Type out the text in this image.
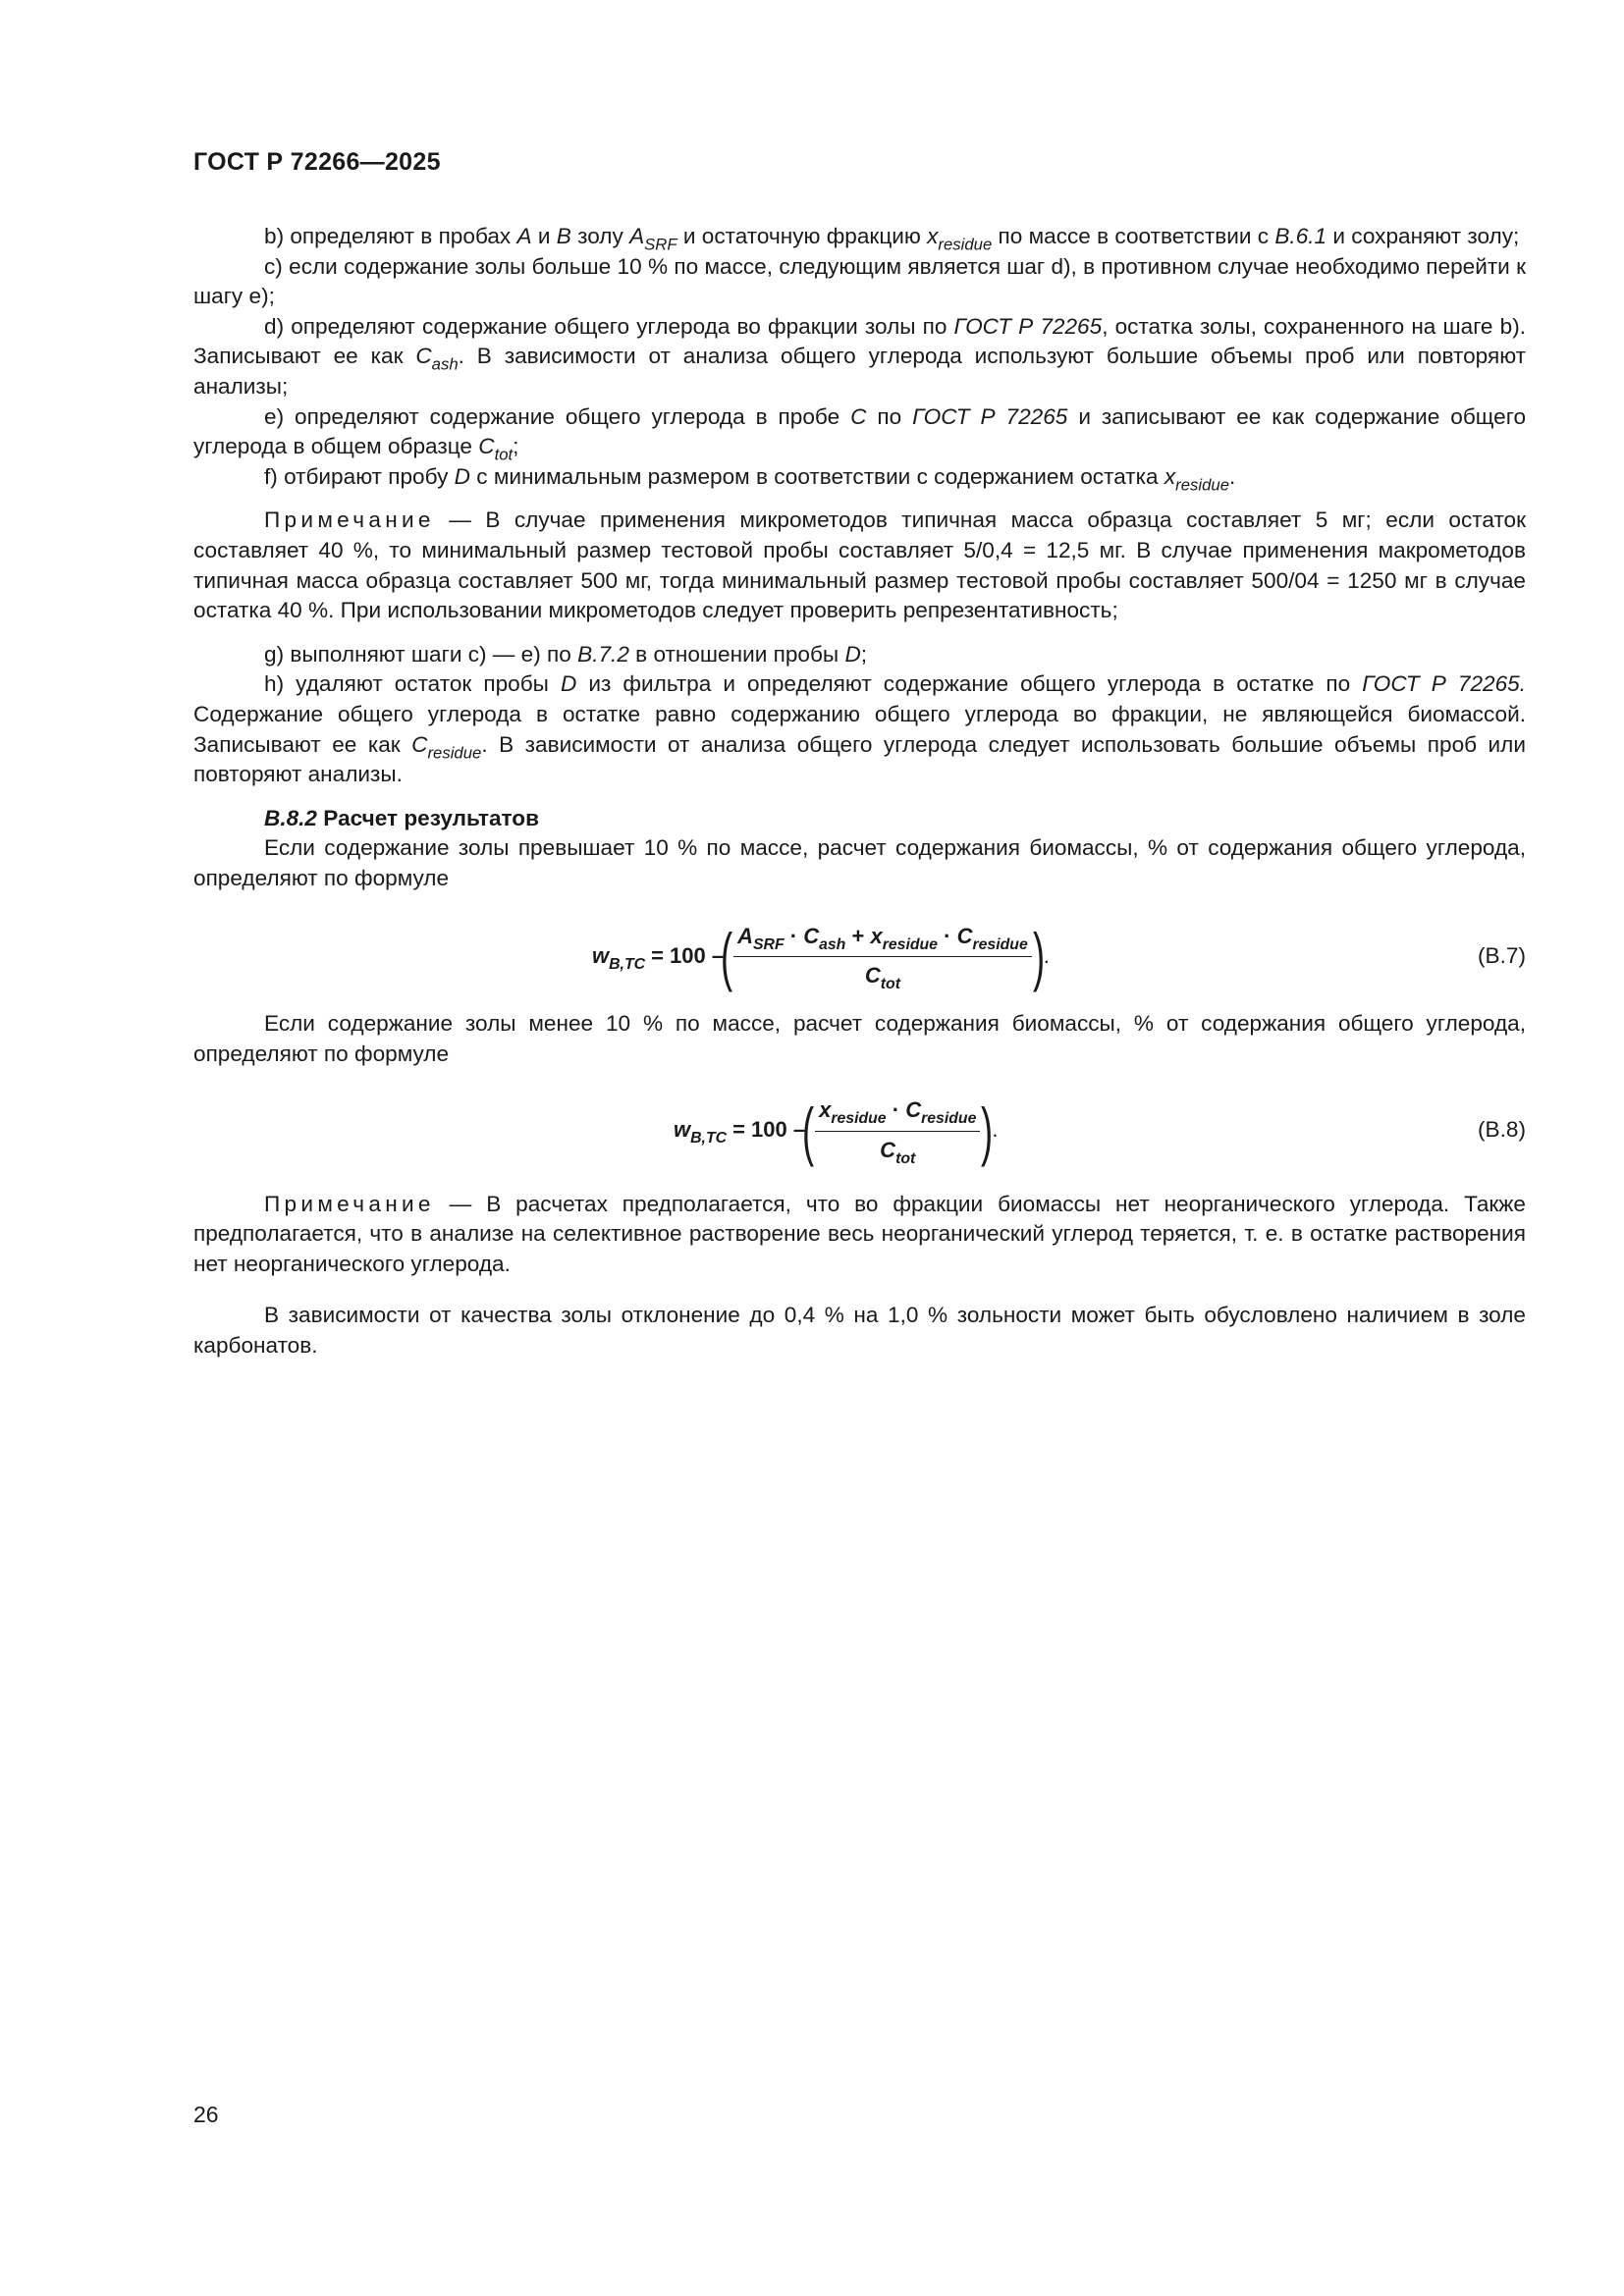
ГОСТ Р 72266—2025

b) определяют в пробах A и B золу $A_{SRF}$ и остаточную фракцию $x_{residue}$ по массе в соответствии с B.6.1 и сохраняют золу;

c) если содержание золы больше 10 % по массе, следующим является шаг d), в противном случае необходимо перейти к шагу e);

d) определяют содержание общего углерода во фракции золы по ГОСТ Р 72265, остатка золы, сохраненного на шаге b). Записывают ее как $C_{ash}$. В зависимости от анализа общего углерода используют большие объемы проб или повторяют анализы;

e) определяют содержание общего углерода в пробе C по ГОСТ Р 72265 и записывают ее как содержание общего углерода в общем образце $C_{tot}$;

f) отбирают пробу D с минимальным размером в соответствии с содержанием остатка $x_{residue}$.

Примечание — В случае применения микрометодов типичная масса образца составляет 5 мг; если остаток составляет 40 %, то минимальный размер тестовой пробы составляет 5/0,4 = 12,5 мг. В случае применения макрометодов типичная масса образца составляет 500 мг, тогда минимальный размер тестовой пробы составляет 500/04 = 1250 мг в случае остатка 40 %. При использовании микрометодов следует проверить репрезентативность;

g) выполняют шаги c) — e) по B.7.2 в отношении пробы D;

h) удаляют остаток пробы D из фильтра и определяют содержание общего углерода в остатке по ГОСТ Р 72265. Содержание общего углерода в остатке равно содержанию общего углерода во фракции, не являющейся биомассой. Записывают ее как $C_{residue}$. В зависимости от анализа общего углерода следует использовать большие объемы проб или повторяют анализы.

B.8.2 Расчет результатов

Если содержание золы превышает 10 % по массе, расчет содержания биомассы, % от содержания общего углерода, определяют по формуле

$w_{B,TC} = 100$ –
( $\frac{A_{SRF} \cdot C_{ash} + x_{residue} \cdot C_{residue}}{C_{tot}}$ )
.	(B.7)

Если содержание золы менее 10 % по массе, расчет содержания биомассы, % от содержания общего углерода, определяют по формуле

$w_{B,TC} = 100$ –
( $\frac{x_{residue} \cdot C_{residue}}{C_{tot}}$ )
.	(B.8)

Примечание — В расчетах предполагается, что во фракции биомассы нет неорганического углерода. Также предполагается, что в анализе на селективное растворение весь неорганический углерод теряется, т. е. в остатке растворения нет неорганического углерода.

В зависимости от качества золы отклонение до 0,4 % на 1,0 % зольности может быть обусловлено наличием в золе карбонатов.

26
